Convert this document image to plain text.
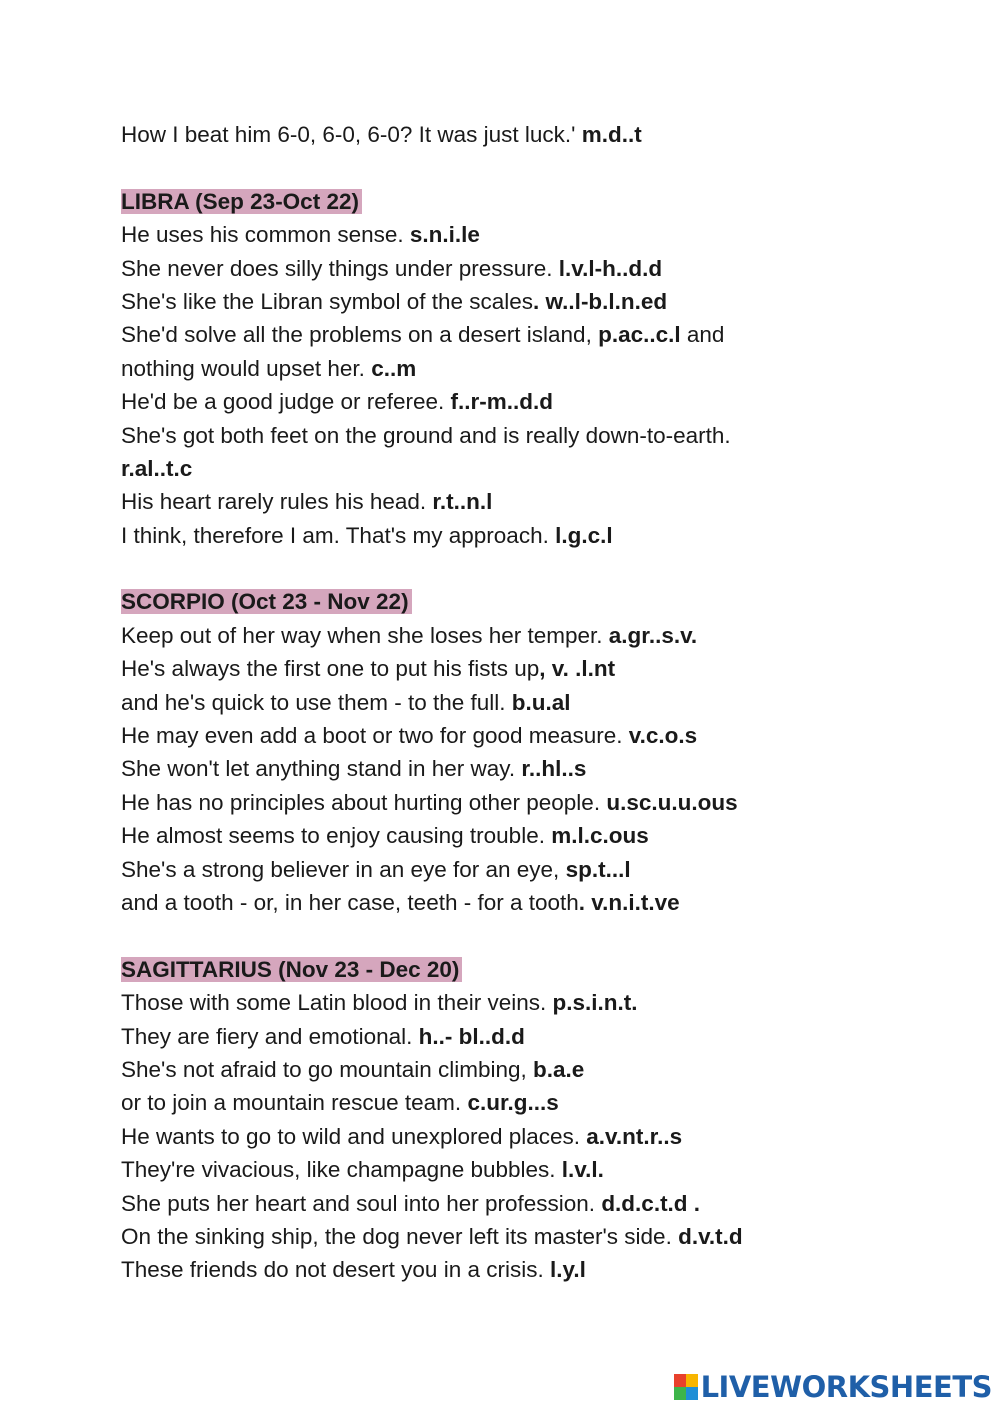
How I beat him 6-0, 6-0, 6-0? It was just luck.' m.d..t
LIBRA (Sep 23-Oct 22)
He uses his common sense. s.n.i.le
She never does silly things under pressure. l.v.l-h..d.d
She's like the Libran symbol of the scales. w..l-b.l.n.ed
She'd solve all the problems on a desert island, p.ac..c.l and
nothing would upset her. c..m
He'd be a good judge or referee. f..r-m..d.d
She's got both feet on the ground and is really down-to-earth.
r.al..t.c
His heart rarely rules his head. r.t..n.l
I think, therefore I am. That's my approach. l.g.c.l
SCORPIO (Oct 23 - Nov 22)
Keep out of her way when she loses her temper. a.gr..s.v.
He's always the first one to put his fists up, v. .l.nt
and he's quick to use them - to the full. b.u.al
He may even add a boot or two for good measure. v.c.o.s
She won't let anything stand in her way. r..hl..s
He has no principles about hurting other people. u.sc.u.u.ous
He almost seems to enjoy causing trouble. m.l.c.ous
She's a strong believer in an eye for an eye, sp.t...l
and a tooth - or, in her case, teeth - for a tooth. v.n.i.t.ve
SAGITTARIUS (Nov 23 - Dec 20)
Those with some Latin blood in their veins. p.s.i.n.t.
They are fiery and emotional. h..- bl..d.d
She's not afraid to go mountain climbing, b.a.e
or to join a mountain rescue team. c.ur.g...s
He wants to go to wild and unexplored places. a.v.nt.r..s
They're vivacious, like champagne bubbles. l.v.l.
She puts her heart and soul into her profession. d.d.c.t.d .
On the sinking ship, the dog never left its master's side. d.v.t.d
These friends do not desert you in a crisis. l.y.l
LIVEWORKSHEETS
